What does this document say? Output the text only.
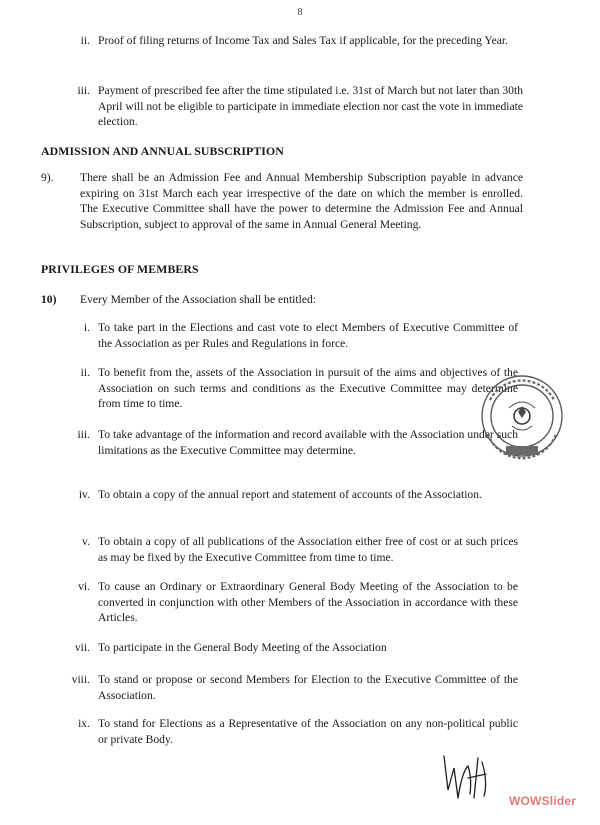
8
ii. Proof of filing returns of Income Tax and Sales Tax if applicable, for the preceding Year.
iii. Payment of prescribed fee after the time stipulated i.e. 31st of March but not later than 30th April will not be eligible to participate in immediate election nor cast the vote in immediate election.
ADMISSION AND ANNUAL SUBSCRIPTION
9).	There shall be an Admission Fee and Annual Membership Subscription payable in advance expiring on 31st March each year irrespective of the date on which the member is enrolled. The Executive Committee shall have the power to determine the Admission Fee and Annual Subscription, subject to approval of the same in Annual General Meeting.
PRIVILEGES OF MEMBERS
10)	Every Member of the Association shall be entitled:
i. To take part in the Elections and cast vote to elect Members of Executive Committee of the Association as per Rules and Regulations in force.
ii. To benefit from the, assets of the Association in pursuit of the aims and objectives of the Association on such terms and conditions as the Executive Committee may determine from time to time.
iii. To take advantage of the information and record available with the Association under such limitations as the Executive Committee may determine.
iv. To obtain a copy of the annual report and statement of accounts of the Association.
v. To obtain a copy of all publications of the Association either free of cost or at such prices as may be fixed by the Executive Committee from time to time.
vi. To cause an Ordinary or Extraordinary General Body Meeting of the Association to be converted in conjunction with other Members of the Association in accordance with these Articles.
vii. To participate in the General Body Meeting of the Association
viii. To stand or propose or second Members for Election to the Executive Committee of the Association.
ix. To stand for Elections as a Representative of the Association on any non-political public or private Body.
WOWSlider
